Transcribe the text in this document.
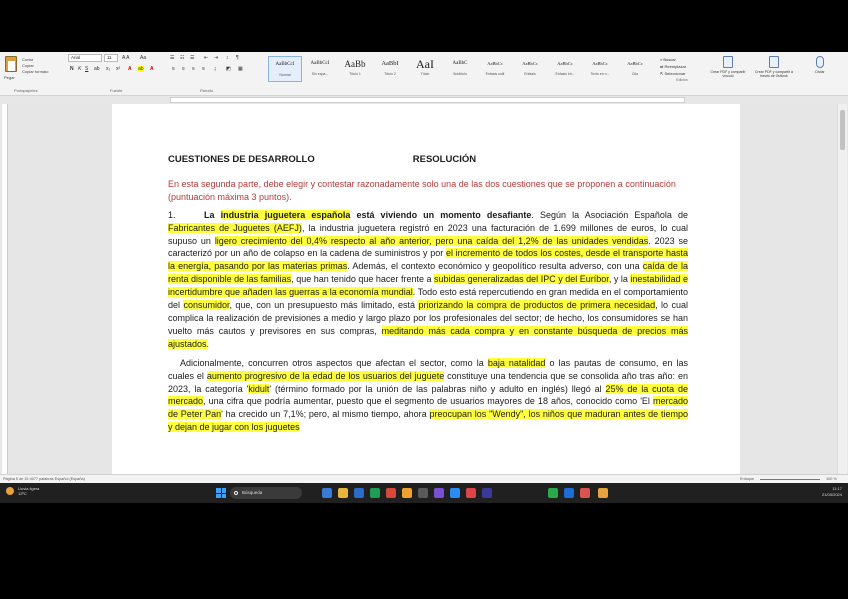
Cortar
Copiar
Copiar formato
Pegar
Portapapeles
Arial	11	A A Aa
N K S ab x₂ x² A ab A
Fuente
☰ ☷ ☰ ⇤ ⇥ ↕ ¶
≡ ≡ ≡ ≡ ↨ ◩ ▦
Párrafo
AaBbCcI
Normal
AaBbCcI
Sin espa...
AaBb
Título 1
AaBbI
Título 2
AaI
Título
AaBbC
Subtítulo
AaBbCc
Énfasis sutil
AaBbCc
Énfasis
AaBbCc
Énfasis int...
AaBbCc
Texto en n...
AaBbCc
Cita
⌕ Buscar
⇄ Reemplazar
⇱ Seleccionar
Edición
Crear PDF y compartir vínculo
Crear PDF y compartir a través de Outlook
Dictar
CUESTIONES DE DESARROLLO	RESOLUCIÓN

En esta segunda parte, debe elegir y contestar razonadamente solo una de las dos cuestiones que se proponen a continuación (puntuación máxima 3 puntos).

1.	La industria juguetera española está viviendo un momento desafiante. Según la Asociación Española de Fabricantes de Juguetes (AEFJ), la industria juguetera registró en 2023 una facturación de 1.699 millones de euros, lo cual supuso un ligero crecimiento del 0,4% respecto al año anterior, pero una caída del 1,2% de las unidades vendidas. 2023 se caracterizó por un año de colapso en la cadena de suministros y por el incremento de todos los costes, desde el transporte hasta la energía, pasando por las materias primas. Además, el contexto económico y geopolítico resulta adverso, con una caída de la renta disponible de las familias, que han tenido que hacer frente a subidas generalizadas del IPC y del Euríbor, y la inestabilidad e incertidumbre que añaden las guerras a la economía mundial. Todo esto está repercutiendo en gran medida en el comportamiento del consumidor, que, con un presupuesto más limitado, está priorizando la compra de productos de primera necesidad, lo cual complica la realización de previsiones a medio y largo plazo por los profesionales del sector; de hecho, los consumidores se han vuelto más cautos y previsores en sus compras, meditando más cada compra y en constante búsqueda de precios más ajustados.

Adicionalmente, concurren otros aspectos que afectan el sector, como la baja natalidad o las pautas de consumo, en las cuales el aumento progresivo de la edad de los usuarios del juguete constituye una tendencia que se consolida año tras año: en 2023, la categoría 'kidult' (término formado por la unión de las palabras niño y adulto en inglés) llegó al 25% de la cuota de mercado, una cifra que podría aumentar, puesto que el segmento de usuarios mayores de 18 años, conocido como 'El mercado de Peter Pan' ha crecido un 7,1%; pero, al mismo tiempo, ahora preocupan los "Wendy", los niños que maduran antes de tiempo y dejan de jugar con los juguetes

Página 5 de 15 4077 palabras Español (España)	Enfoque	100 %
Lluvia ligera
12ºC	Búsqueda
11:17
21/05/2024
